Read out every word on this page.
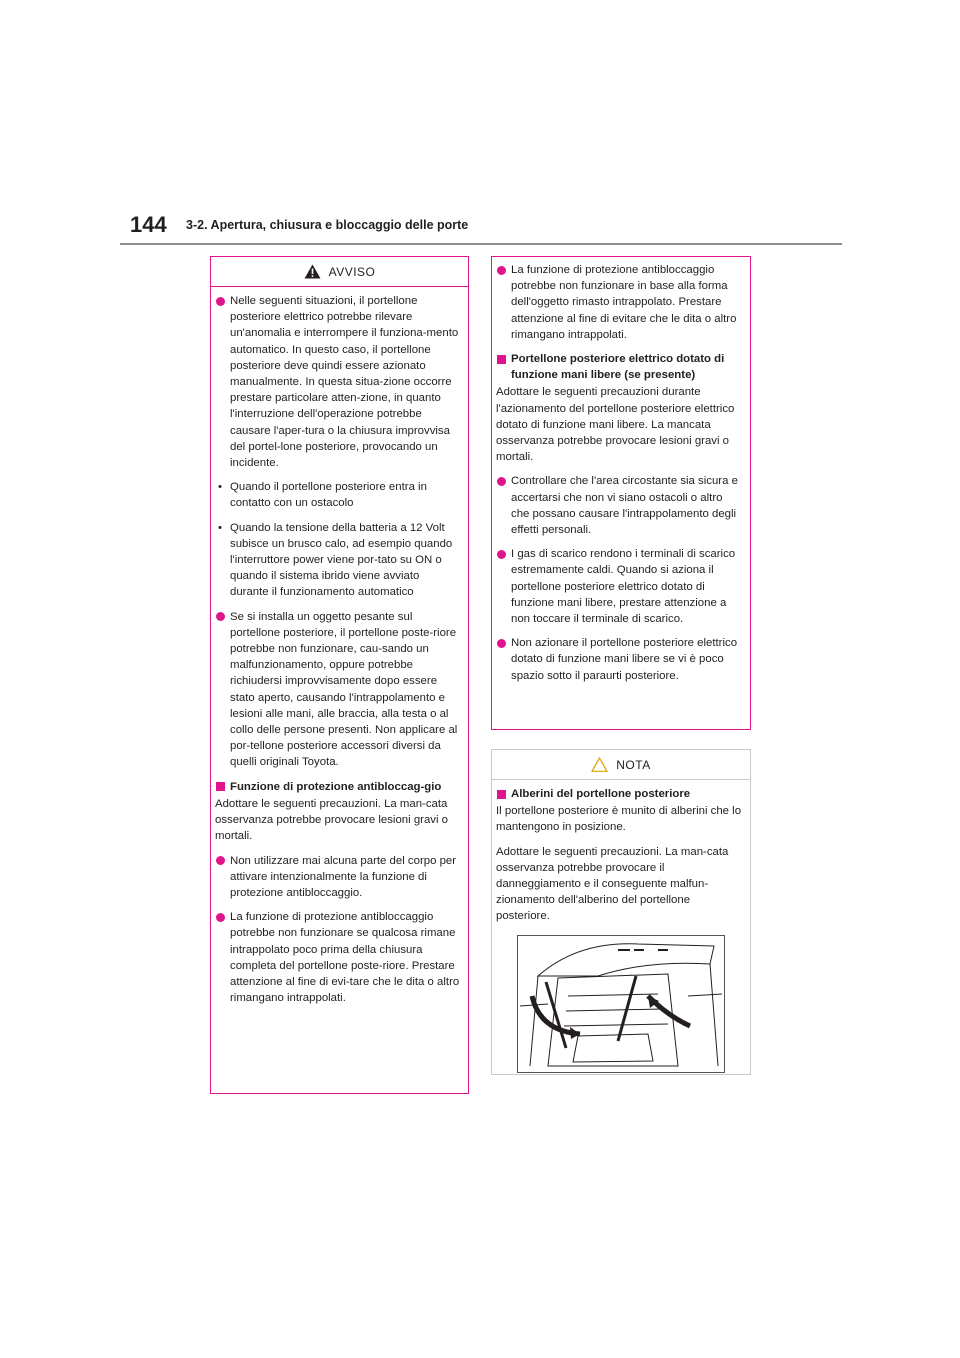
144 3-2. Apertura, chiusura e bloccaggio delle porte
AVVISO
Nelle seguenti situazioni, il portellone posteriore elettrico potrebbe rilevare un'anomalia e interrompere il funziona-mento automatico. In questo caso, il portellone posteriore deve quindi essere azionato manualmente. In questa situa-zione occorre prestare particolare atten-zione, in quanto l'interruzione dell'operazione potrebbe causare l'aper-tura o la chiusura improvvisa del portel-lone posteriore, provocando un incidente.
• Quando il portellone posteriore entra in contatto con un ostacolo
• Quando la tensione della batteria a 12 Volt subisce un brusco calo, ad esempio quando l'interruttore power viene por-tato su ON o quando il sistema ibrido viene avviato durante il funzionamento automatico
Se si installa un oggetto pesante sul portellone posteriore, il portellone poste-riore potrebbe non funzionare, cau-sando un malfunzionamento, oppure potrebbe richiudersi improvvisamente dopo essere stato aperto, causando l'intrappolamento e lesioni alle mani, alle braccia, alla testa o al collo delle persone presenti. Non applicare al por-tellone posteriore accessori diversi da quelli originali Toyota.
Funzione di protezione antibloccag-gio
Adottare le seguenti precauzioni. La man-cata osservanza potrebbe provocare lesioni gravi o mortali.
Non utilizzare mai alcuna parte del corpo per attivare intenzionalmente la funzione di protezione antibloccaggio.
La funzione di protezione antibloccaggio potrebbe non funzionare se qualcosa rimane intrappolato poco prima della chiusura completa del portellone poste-riore. Prestare attenzione al fine di evi-tare che le dita o altro rimangano intrappolati.
La funzione di protezione antibloccaggio potrebbe non funzionare in base alla forma dell'oggetto rimasto intrappolato. Prestare attenzione al fine di evitare che le dita o altro rimangano intrappolati.
Portellone posteriore elettrico dotato di funzione mani libere (se presente)
Adottare le seguenti precauzioni durante l'azionamento del portellone posteriore elettrico dotato di funzione mani libere. La mancata osservanza potrebbe provocare lesioni gravi o mortali.
Controllare che l'area circostante sia sicura e accertarsi che non vi siano ostacoli o altro che possano causare l'intrappolamento degli effetti personali.
I gas di scarico rendono i terminali di scarico estremamente caldi. Quando si aziona il portellone posteriore elettrico dotato di funzione mani libere, prestare attenzione a non toccare il terminale di scarico.
Non azionare il portellone posteriore elettrico dotato di funzione mani libere se vi è poco spazio sotto il paraurti posteriore.
NOTA
Alberini del portellone posteriore
Il portellone posteriore è munito di alberini che lo mantengono in posizione.
Adottare le seguenti precauzioni. La man-cata osservanza potrebbe provocare il danneggiamento e il conseguente malfun-zionamento dell'alberino del portellone posteriore.
